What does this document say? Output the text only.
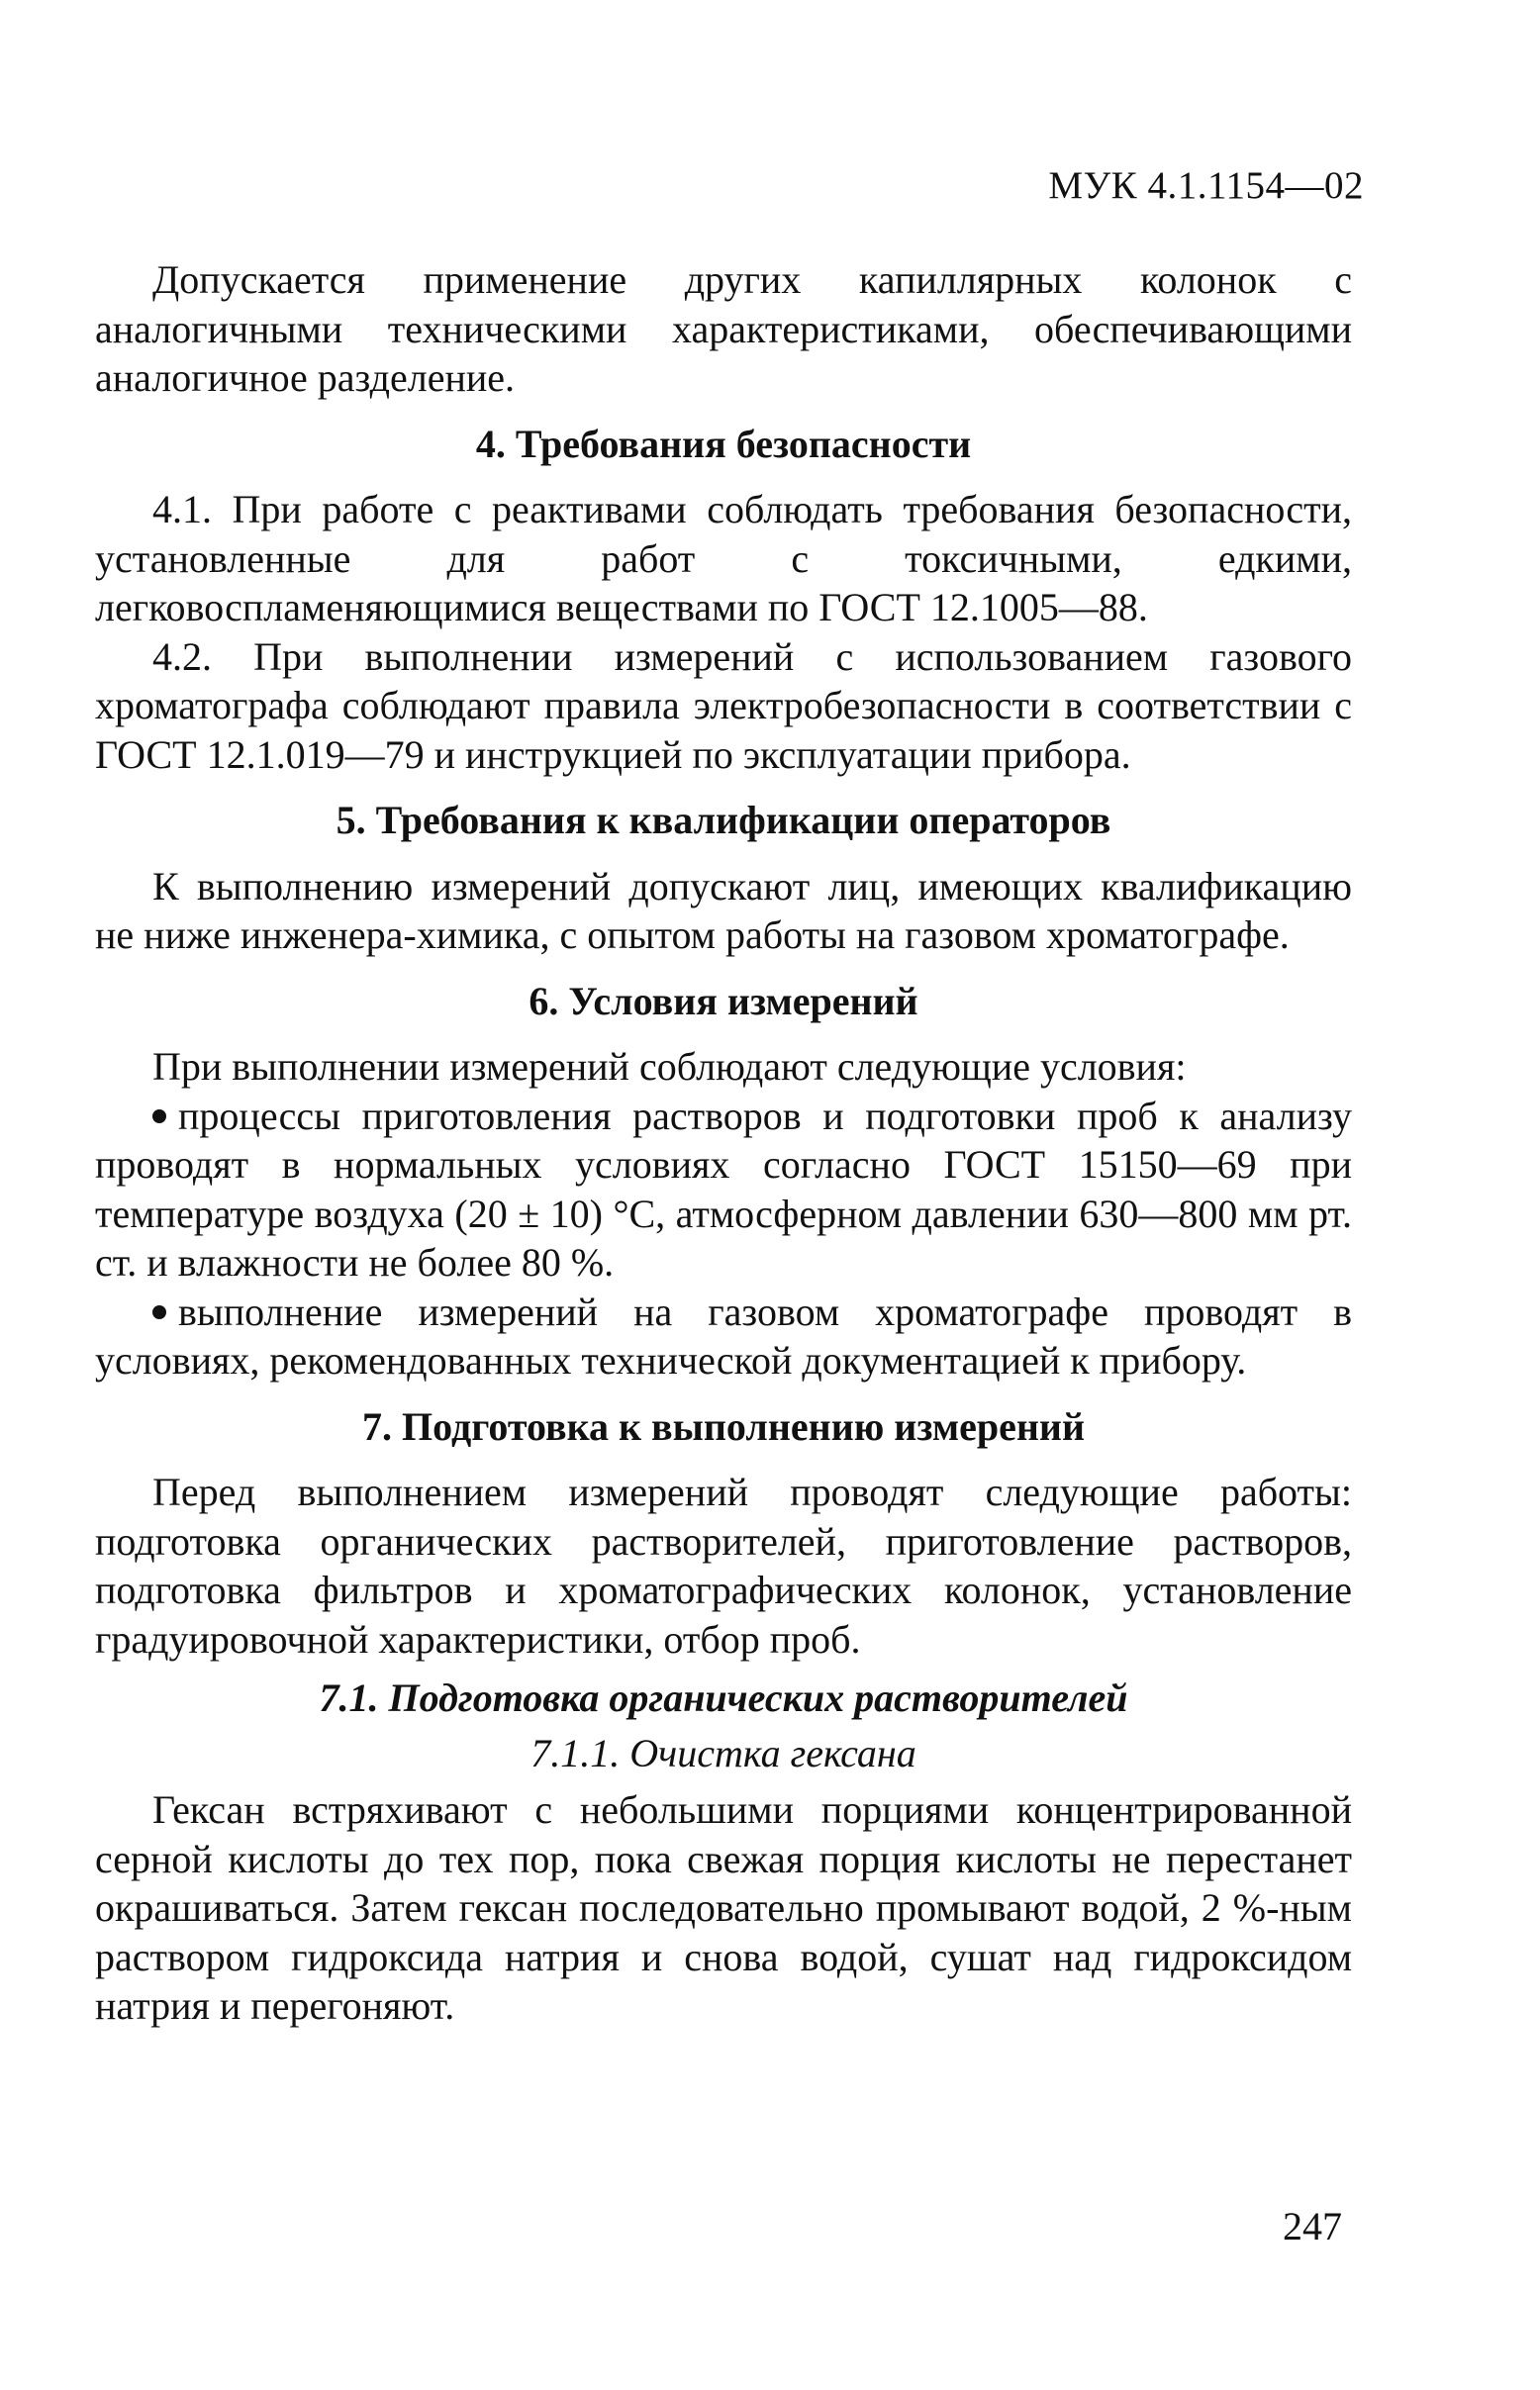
МУК 4.1.1154—02

Допускается применение других капиллярных колонок с аналогичными техническими характеристиками, обеспечивающими аналогичное разделение.

4. Требования безопасности

4.1. При работе с реактивами соблюдать требования безопасности, установленные для работ с токсичными, едкими, легковоспламеняющимися веществами по ГОСТ 12.1005—88.

4.2. При выполнении измерений с использованием газового хроматографа соблюдают правила электробезопасности в соответствии с ГОСТ 12.1.019—79 и инструкцией по эксплуатации прибора.

5. Требования к квалификации операторов

К выполнению измерений допускают лиц, имеющих квалификацию не ниже инженера-химика, с опытом работы на газовом хроматографе.

6. Условия измерений

При выполнении измерений соблюдают следующие условия:

процессы приготовления растворов и подготовки проб к анализу проводят в нормальных условиях согласно ГОСТ 15150—69 при температуре воздуха (20 ± 10) °С, атмосферном давлении 630—800 мм рт. ст. и влажности не более 80 %.

выполнение измерений на газовом хроматографе проводят в условиях, рекомендованных технической документацией к прибору.

7. Подготовка к выполнению измерений

Перед выполнением измерений проводят следующие работы: подготовка органических растворителей, приготовление растворов, подготовка фильтров и хроматографических колонок, установление градуировочной характеристики, отбор проб.

7.1. Подготовка органических растворителей
7.1.1. Очистка гексана

Гексан встряхивают с небольшими порциями концентрированной серной кислоты до тех пор, пока свежая порция кислоты не перестанет окрашиваться. Затем гексан последовательно промывают водой, 2 %-ным раствором гидроксида натрия и снова водой, сушат над гидроксидом натрия и перегоняют.

247
